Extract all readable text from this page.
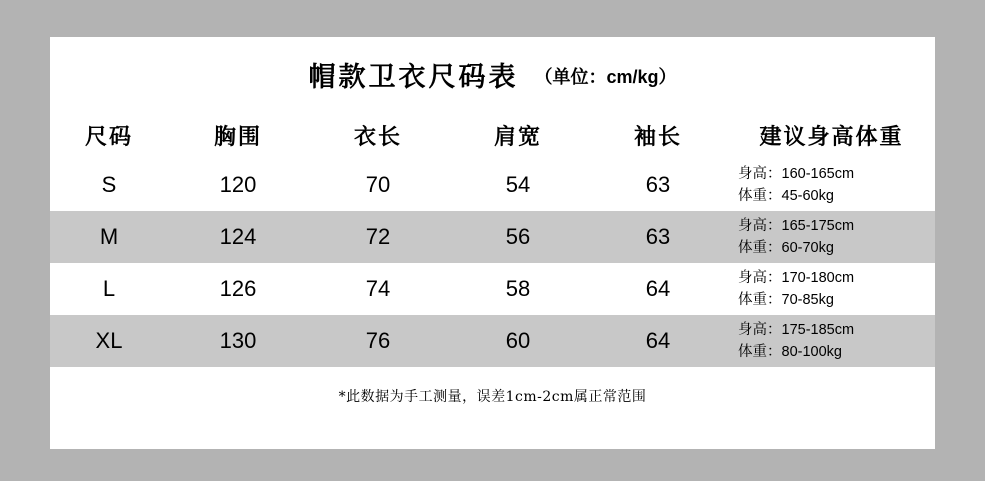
帽款卫衣尺码表 （单位：cm/kg）
尺码	胸围	衣长	肩宽	袖长	建议身高体重
S	120	70	54	63	身高：160-165cm
体重：45-60kg

M	124	72	56	63	身高：165-175cm
体重：60-70kg

L	126	74	58	64	身高：170-180cm
体重：70-85kg

XL	130	76	60	64	身高：175-185cm
体重：80-100kg
*此数据为手工测量，误差1cm-2cm属正常范围
